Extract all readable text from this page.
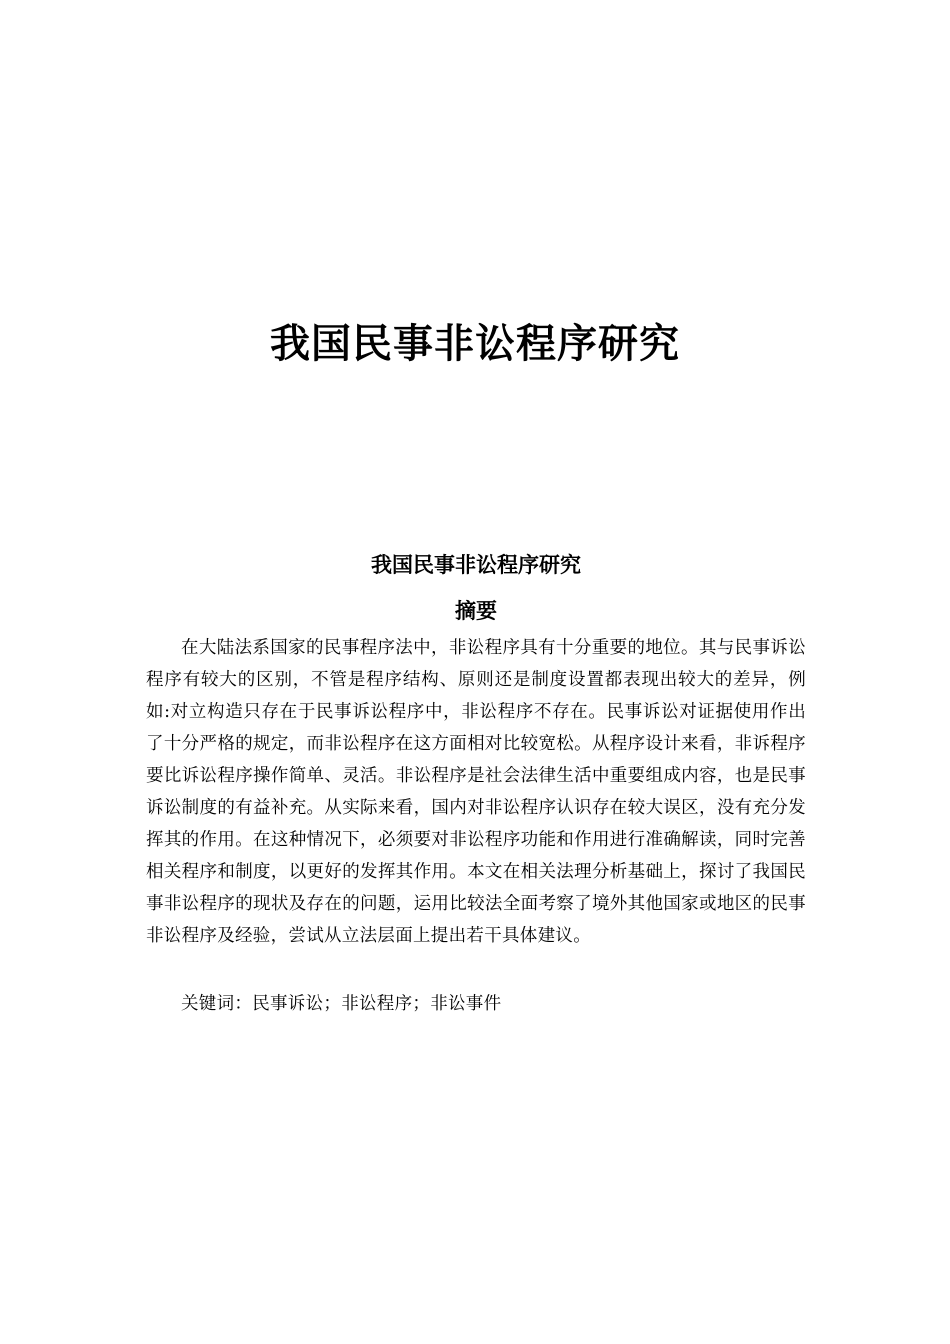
我国民事非讼程序研究
我国民事非讼程序研究
摘要

在大陆法系国家的民事程序法中，非讼程序具有十分重要的地位。其与民事诉讼程序有较大的区别，不管是程序结构、原则还是制度设置都表现出较大的差异，例如:对立构造只存在于民事诉讼程序中，非讼程序不存在。民事诉讼对证据使用作出了十分严格的规定，而非讼程序在这方面相对比较宽松。从程序设计来看，非诉程序要比诉讼程序操作简单、灵活。非讼程序是社会法律生活中重要组成内容，也是民事诉讼制度的有益补充。从实际来看，国内对非讼程序认识存在较大误区，没有充分发挥其的作用。在这种情况下，必须要对非讼程序功能和作用进行准确解读，同时完善相关程序和制度，以更好的发挥其作用。本文在相关法理分析基础上，探讨了我国民事非讼程序的现状及存在的问题，运用比较法全面考察了境外其他国家或地区的民事非讼程序及经验，尝试从立法层面上提出若干具体建议。

关键词：民事诉讼；非讼程序；非讼事件
